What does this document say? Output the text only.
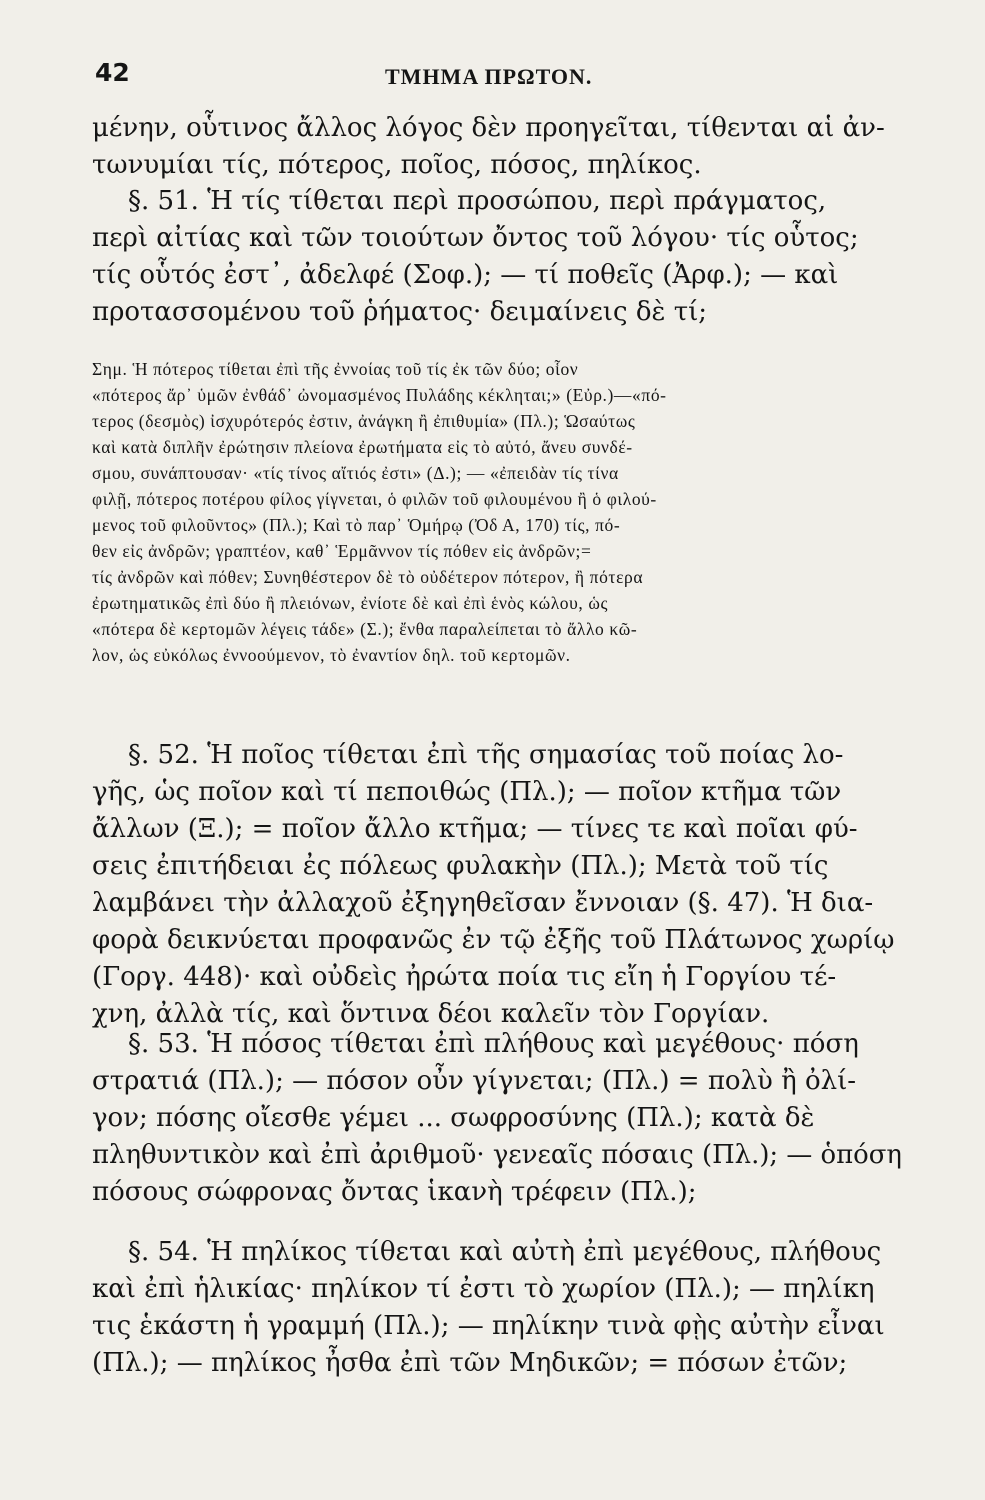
42	ΤΜΗΜΑ ΠΡΩΤΟΝ.
μένην, οὗτινος ἄλλος λόγος δὲν προηγεῖται, τίθενται αἱ ἀν-
τωνυμίαι τίς, πότερος, ποῖος, πόσος, πηλίκος.
§. 51. Ἡ τίς τίθεται περὶ προσώπου, περὶ πράγματος,
περὶ αἰτίας καὶ τῶν τοιούτων ὄντος τοῦ λόγου· τίς οὗτος;
τίς οὗτός ἐστ᾽, ἀδελφέ (Σοφ.); — τί ποθεῖς (Ἀρφ.); — καὶ
προτασσομένου τοῦ ῥήματος· δειμαίνεις δὲ τί;
Σημ. Ἡ πότερος τίθεται ἐπὶ τῆς ἐννοίας τοῦ τίς ἐκ τῶν δύο; οἷον
«πότερος ἄρ᾽ ὑμῶν ἐνθάδ᾽ ὠνομασμένος Πυλάδης κέκληται;» (Εὐρ.)—«πό-
τερος (δεσμὸς) ἰσχυρότερός ἐστιν, ἀνάγκη ἢ ἐπιθυμία» (Πλ.); Ὡσαύτως
καὶ κατὰ διπλῆν ἐρώτησιν πλείονα ἐρωτήματα εἰς τὸ αὐτό, ἄνευ συνδέ-
σμου, συνάπτουσαν· «τίς τίνος αἴτιός ἐστι» (Δ.); — «ἐπειδὰν τίς τίνα
φιλῇ, πότερος ποτέρου φίλος γίγνεται, ὁ φιλῶν τοῦ φιλουμένου ἢ ὁ φιλού-
μενος τοῦ φιλοῦντος» (Πλ.); Καὶ τὸ παρ᾽ Ὁμήρῳ (Ὀδ Α, 170) τίς, πό-
θεν εἰς ἀνδρῶν; γραπτέον, καθ᾽ Ἑρμᾶννον τίς πόθεν εἰς ἀνδρῶν;=
τίς ἀνδρῶν καὶ πόθεν; Συνηθέστερον δὲ τὸ οὐδέτερον πότερον, ἢ πότερα
ἐρωτηματικῶς ἐπὶ δύο ἢ πλειόνων, ἐνίοτε δὲ καὶ ἐπὶ ἑνὸς κώλου, ὡς
«πότερα δὲ κερτομῶν λέγεις τάδε» (Σ.); ἔνθα παραλείπεται τὸ ἄλλο κῶ-
λον, ὡς εὐκόλως ἐννοούμενον, τὸ ἐναντίον δηλ. τοῦ κερτομῶν.
§. 52. Ἡ ποῖος τίθεται ἐπὶ τῆς σημασίας τοῦ ποίας λο-
γῆς, ὡς ποῖον καὶ τί πεποιθώς (Πλ.); — ποῖον κτῆμα τῶν
ἄλλων (Ξ.); = ποῖον ἄλλο κτῆμα; — τίνες τε καὶ ποῖαι φύ-
σεις ἐπιτήδειαι ἐς πόλεως φυλακὴν (Πλ.); Μετὰ τοῦ τίς
λαμβάνει τὴν ἀλλαχοῦ ἐξηγηθεῖσαν ἔννοιαν (§. 47). Ἡ δια-
φορὰ δεικνύεται προφανῶς ἐν τῷ ἐξῆς τοῦ Πλάτωνος χωρίῳ
(Γοργ. 448)· καὶ οὐδεὶς ἠρώτα ποία τις εἴη ἡ Γοργίου τέ-
χνη, ἀλλὰ τίς, καὶ ὅντινα δέοι καλεῖν τὸν Γοργίαν.
§. 53. Ἡ πόσος τίθεται ἐπὶ πλήθους καὶ μεγέθους· πόση
στρατιά (Πλ.); — πόσον οὖν γίγνεται; (Πλ.) = πολὺ ἢ ὀλί-
γον; πόσης οἴεσθε γέμει ... σωφροσύνης (Πλ.); κατὰ δὲ
πληθυντικὸν καὶ ἐπὶ ἀριθμοῦ· γενεαῖς πόσαις (Πλ.); — ὁπόση
πόσους σώφρονας ὄντας ἱκανὴ τρέφειν (Πλ.);
§. 54. Ἡ πηλίκος τίθεται καὶ αὐτὴ ἐπὶ μεγέθους, πλήθους
καὶ ἐπὶ ἡλικίας· πηλίκον τί ἐστι τὸ χωρίον (Πλ.); — πηλίκη
τις ἑκάστη ἡ γραμμή (Πλ.); — πηλίκην τινὰ φῂς αὐτὴν εἶναι
(Πλ.); — πηλίκος ἦσθα ἐπὶ τῶν Μηδικῶν; = πόσων ἐτῶν;
